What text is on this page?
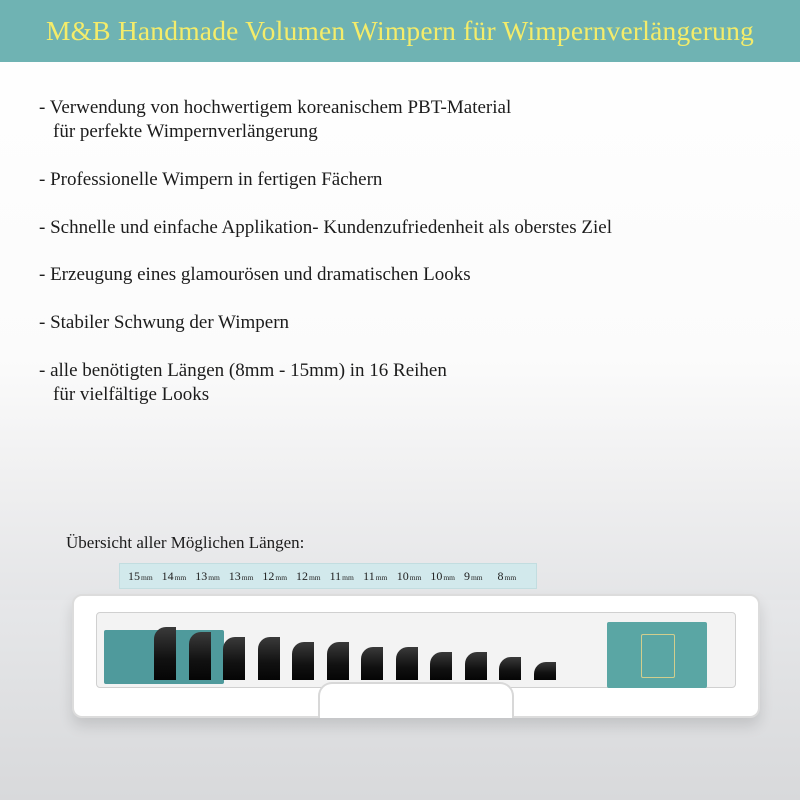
M&B Handmade Volumen Wimpern für Wimpernverlängerung
- Verwendung von hochwertigem koreanischem PBT-Material
für perfekte Wimpernverlängerung
- Professionelle Wimpern in fertigen Fächern
- Schnelle und einfache Applikation- Kundenzufriedenheit als oberstes Ziel
- Erzeugung eines glamourösen und dramatischen Looks
- Stabiler Schwung der Wimpern
- alle benötigten Längen (8mm - 15mm) in 16 Reihen
für vielfältige Looks
Übersicht aller Möglichen Längen:
15mm 14mm 13mm 13mm 12mm 12mm 11mm 11mm 10mm 10mm 9mm	8mm
